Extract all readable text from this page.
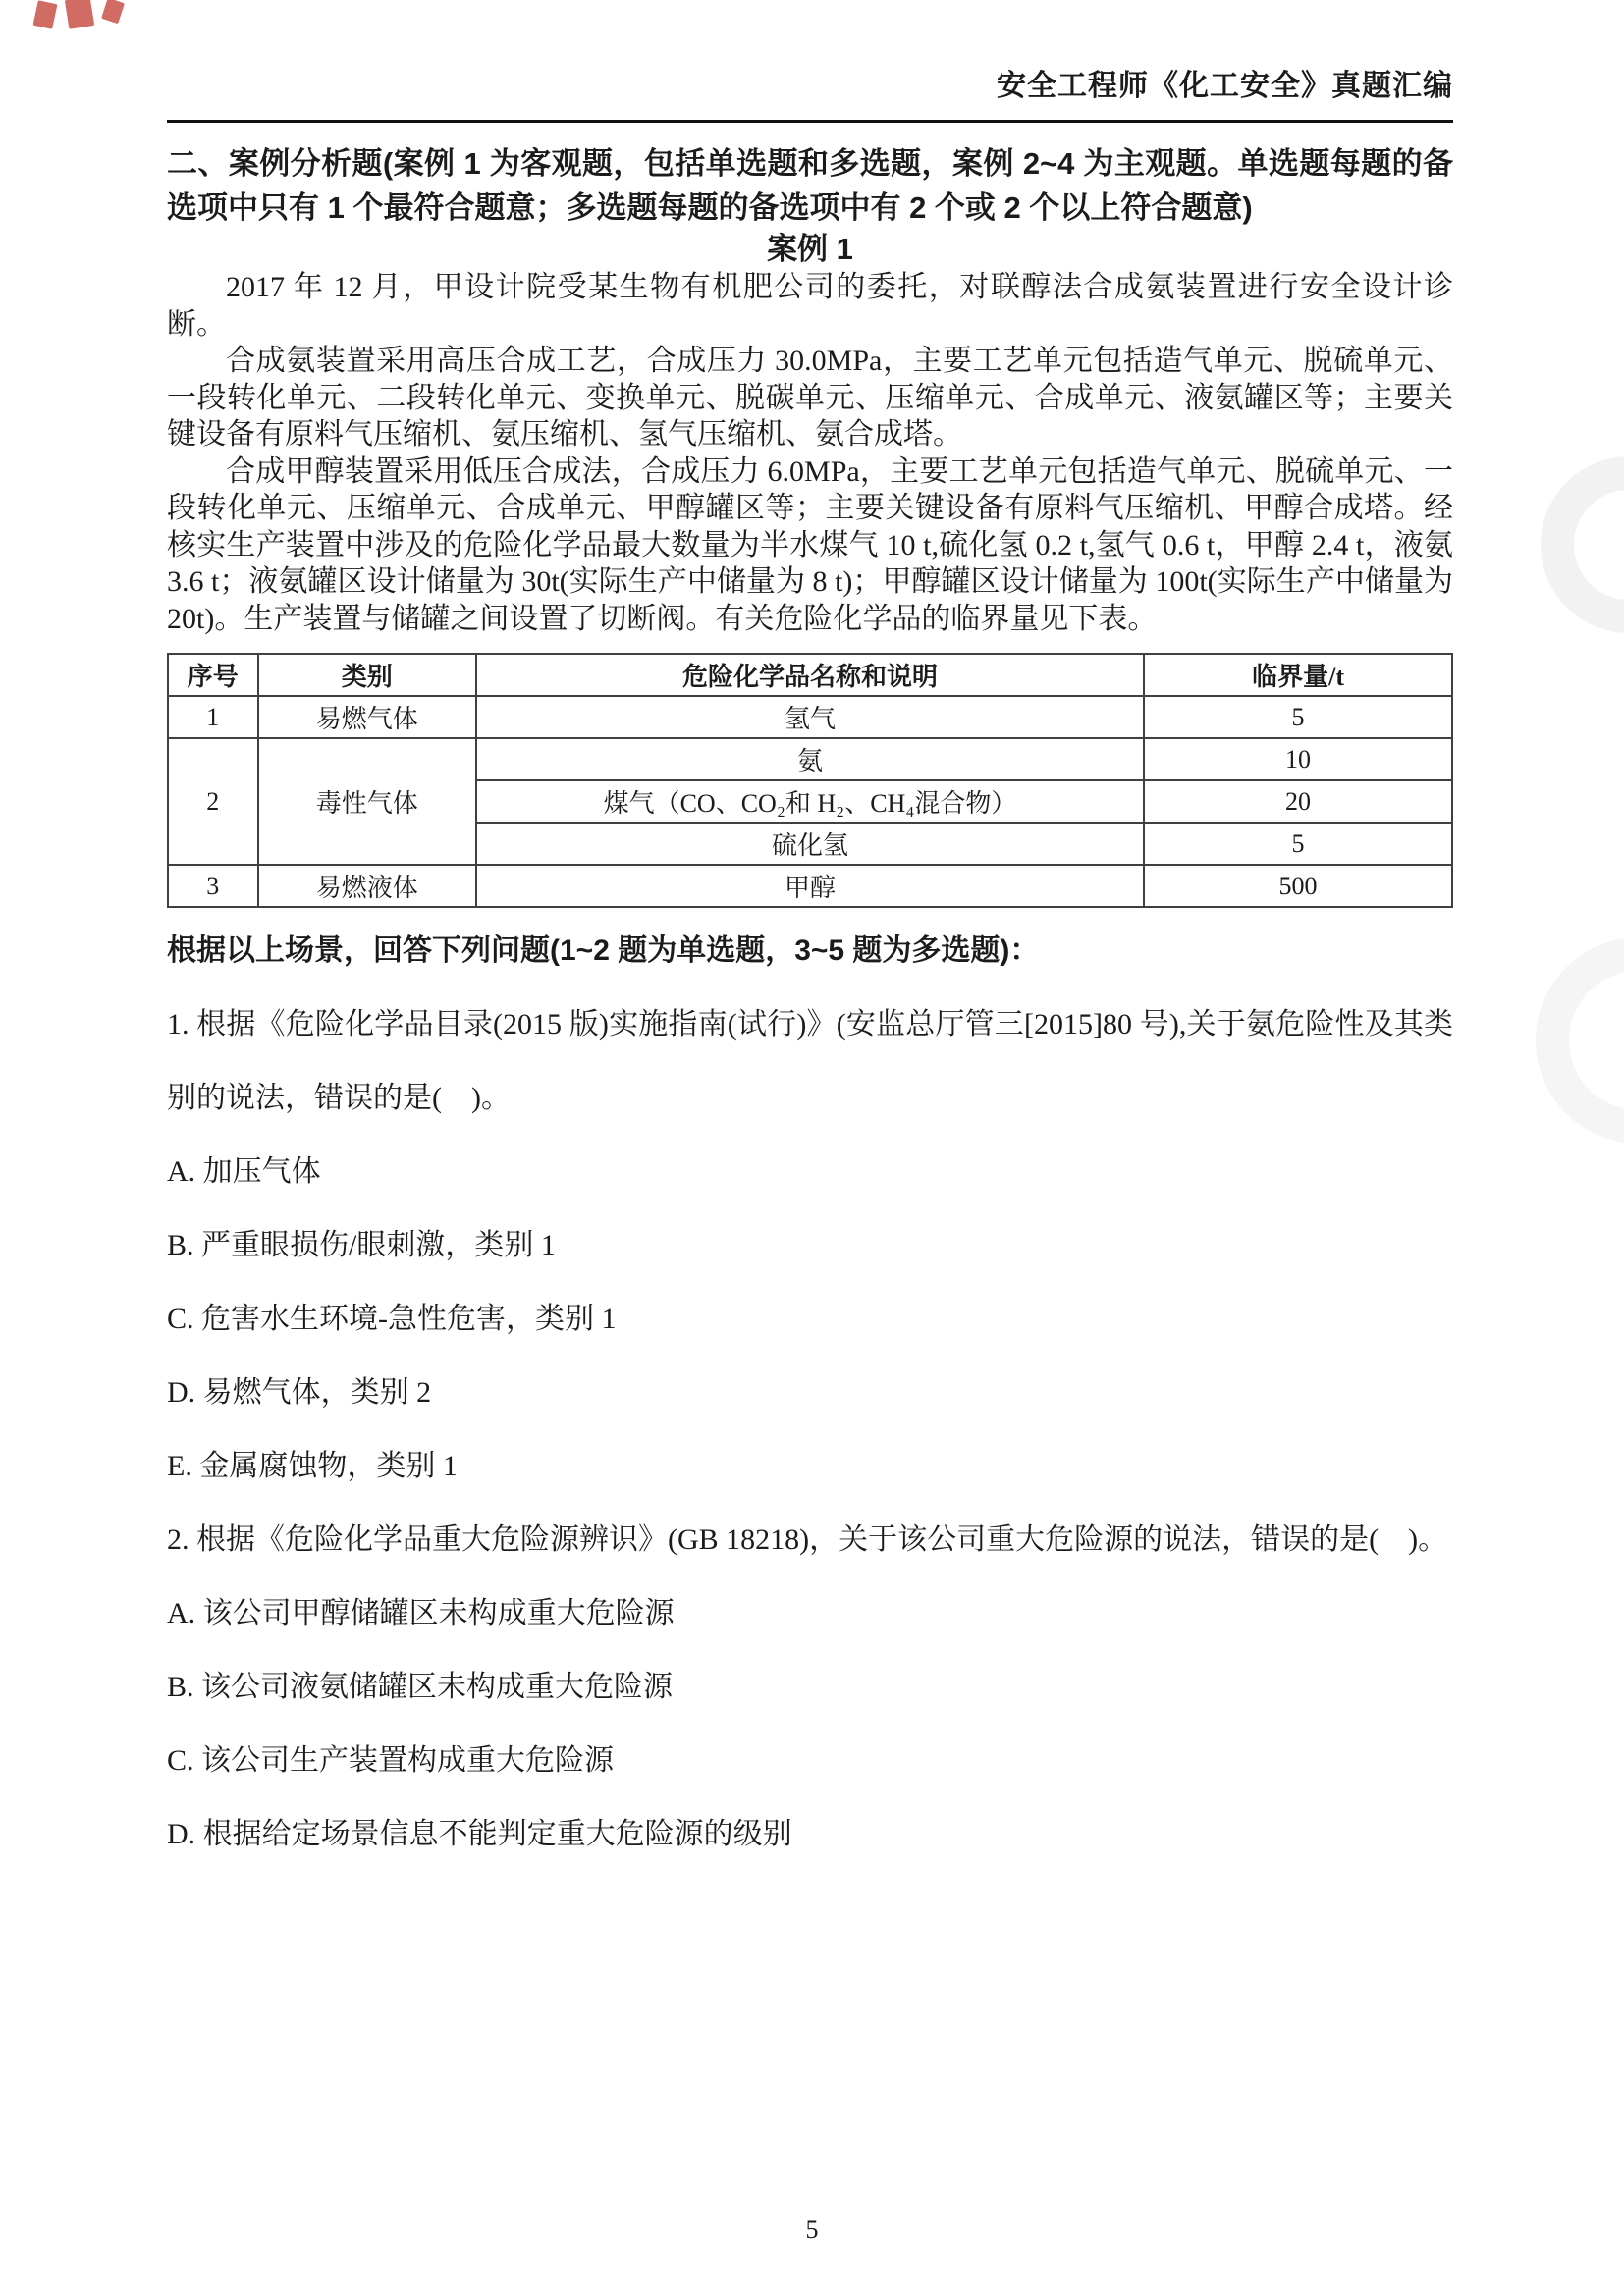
安全工程师《化工安全》真题汇编

二、案例分析题(案例 1 为客观题，包括单选题和多选题，案例 2~4 为主观题。单选题每题的备选项中只有 1 个最符合题意；多选题每题的备选项中有 2 个或 2 个以上符合题意)

案例 1

2017 年 12 月，甲设计院受某生物有机肥公司的委托，对联醇法合成氨装置进行安全设计诊断。

合成氨装置采用高压合成工艺，合成压力 30.0MPa，主要工艺单元包括造气单元、脱硫单元、一段转化单元、二段转化单元、变换单元、脱碳单元、压缩单元、合成单元、液氨罐区等；主要关键设备有原料气压缩机、氨压缩机、氢气压缩机、氨合成塔。

合成甲醇装置采用低压合成法，合成压力 6.0MPa，主要工艺单元包括造气单元、脱硫单元、一段转化单元、压缩单元、合成单元、甲醇罐区等；主要关键设备有原料气压缩机、甲醇合成塔。经核实生产装置中涉及的危险化学品最大数量为半水煤气 10 t,硫化氢 0.2 t,氢气 0.6 t，甲醇 2.4 t，液氨 3.6 t；液氨罐区设计储量为 30t(实际生产中储量为 8 t)；甲醇罐区设计储量为 100t(实际生产中储量为 20t)。生产装置与储罐之间设置了切断阀。有关危险化学品的临界量见下表。

序号	类别	危险化学品名称和说明	临界量/t
1	易燃气体	氢气	5
2	毒性气体	氨	10
		煤气（CO、CO₂和 H₂、CH₄混合物）	20
		硫化氢	5
3	易燃液体	甲醇	500

根据以上场景，回答下列问题(1~2 题为单选题，3~5 题为多选题)：

1. 根据《危险化学品目录(2015 版)实施指南(试行)》(安监总厅管三[2015]80 号),关于氨危险性及其类别的说法，错误的是(　)。

A. 加压气体

B. 严重眼损伤/眼刺激，类别 1

C. 危害水生环境-急性危害，类别 1

D. 易燃气体，类别 2

E. 金属腐蚀物，类别 1

2. 根据《危险化学品重大危险源辨识》(GB 18218)，关于该公司重大危险源的说法，错误的是(　)。

A. 该公司甲醇储罐区未构成重大危险源

B. 该公司液氨储罐区未构成重大危险源

C. 该公司生产装置构成重大危险源

D. 根据给定场景信息不能判定重大危险源的级别

5
